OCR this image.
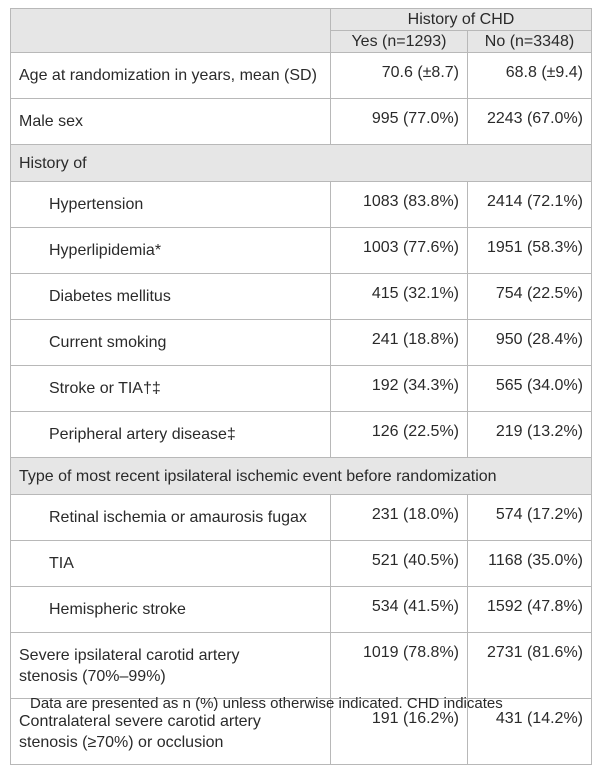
	History of CHD	
	Yes (n=1293)	No (n=3348)
Age at randomization in years, mean (SD)	70.6 (±8.7)	68.8 (±9.4)
Male sex	995 (77.0%)	2243 (67.0%)
History of		
Hypertension	1083 (83.8%)	2414 (72.1%)
Hyperlipidemia*	1003 (77.6%)	1951 (58.3%)
Diabetes mellitus	415 (32.1%)	754 (22.5%)
Current smoking	241 (18.8%)	950 (28.4%)
Stroke or TIA†‡	192 (34.3%)	565 (34.0%)
Peripheral artery disease‡	126 (22.5%)	219 (13.2%)
Type of most recent ipsilateral ischemic event before randomization		
Retinal ischemia or amaurosis fugax	231 (18.0%)	574 (17.2%)
TIA	521 (40.5%)	1168 (35.0%)
Hemispheric stroke	534 (41.5%)	1592 (47.8%)

Severe ipsilateral carotid artery
stenosis (70%–99%)	1019 (78.8%)	2731 (81.6%)

Contralateral severe carotid artery
stenosis (≥70%) or occlusion	191 (16.2%)	431 (14.2%)
Data are presented as n (%) unless otherwise indicated. CHD indicates
